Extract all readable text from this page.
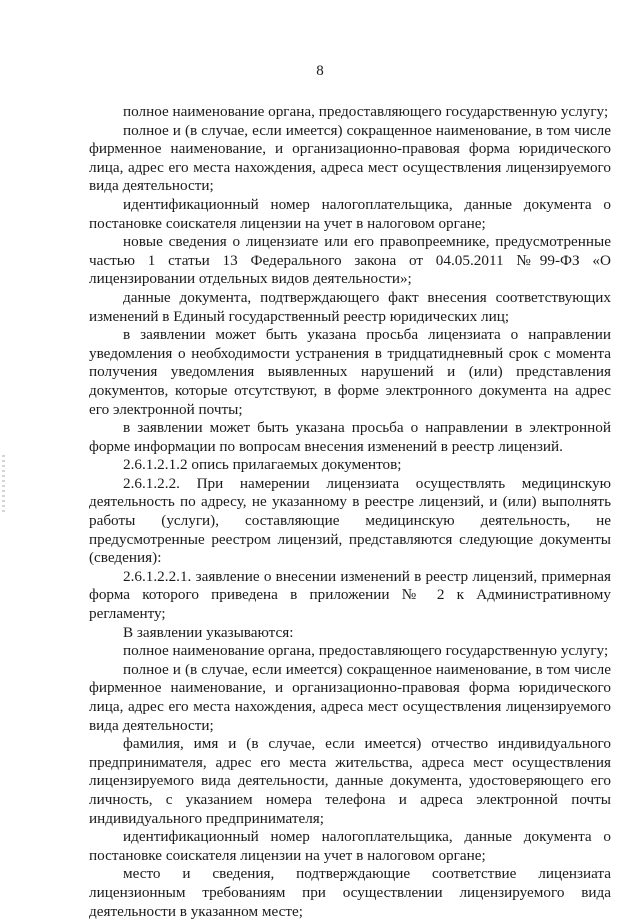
8

полное наименование органа, предоставляющего государственную услугу;

полное и (в случае, если имеется) сокращенное наименование, в том числе фирменное наименование, и организационно-правовая форма юридического лица, адрес его места нахождения, адреса мест осуществления лицензируемого вида деятельности;

идентификационный номер налогоплательщика, данные документа о постановке соискателя лицензии на учет в налоговом органе;

новые сведения о лицензиате или его правопреемнике, предусмотренные частью 1 статьи 13 Федерального закона от 04.05.2011 №99-ФЗ «О лицензировании отдельных видов деятельности»;

данные документа, подтверждающего факт внесения соответствующих изменений в Единый государственный реестр юридических лиц;

в заявлении может быть указана просьба лицензиата о направлении уведомления о необходимости устранения в тридцатидневный срок с момента получения уведомления выявленных нарушений и (или) представления документов, которые отсутствуют, в форме электронного документа на адрес его электронной почты;

в заявлении может быть указана просьба о направлении в электронной форме информации по вопросам внесения изменений в реестр лицензий.

2.6.1.2.1.2 опись прилагаемых документов;

2.6.1.2.2. При намерении лицензиата осуществлять медицинскую деятельность по адресу, не указанному в реестре лицензий, и (или) выполнять работы (услуги), составляющие медицинскую деятельность, не предусмотренные реестром лицензий, представляются следующие документы (сведения):

2.6.1.2.2.1. заявление о внесении изменений в реестр лицензий, примерная форма которого приведена в приложении № 2 к Административному регламенту;

В заявлении указываются:

полное наименование органа, предоставляющего государственную услугу;

полное и (в случае, если имеется) сокращенное наименование, в том числе фирменное наименование, и организационно-правовая форма юридического лица, адрес его места нахождения, адреса мест осуществления лицензируемого вида деятельности;

фамилия, имя и (в случае, если имеется) отчество индивидуального предпринимателя, адрес его места жительства, адреса мест осуществления лицензируемого вида деятельности, данные документа, удостоверяющего его личность, с указанием номера телефона и адреса электронной почты индивидуального предпринимателя;

идентификационный номер налогоплательщика, данные документа о постановке соискателя лицензии на учет в налоговом органе;

место и сведения, подтверждающие соответствие лицензиата лицензионным требованиям при осуществлении лицензируемого вида деятельности в указанном месте;
